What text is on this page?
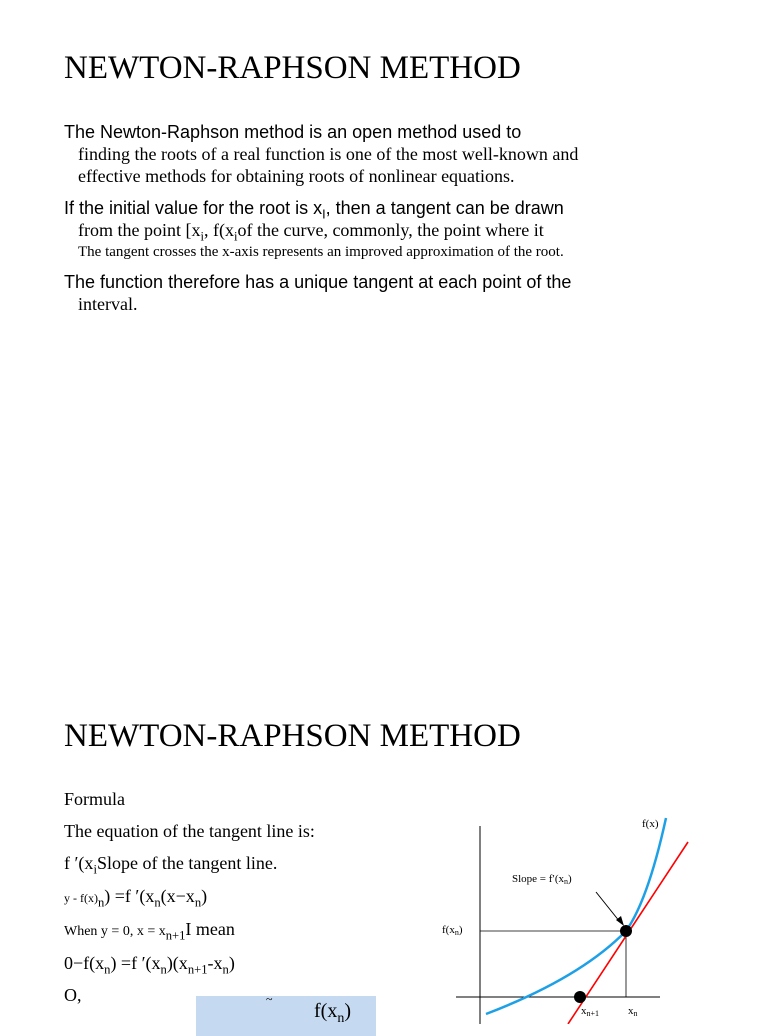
NEWTON-RAPHSON METHOD
The Newton-Raphson method is an open method used to
finding the roots of a real function is one of the most well-known and
effective methods for obtaining roots of nonlinear equations.
If the initial value for the root is $x_I$, then a tangent can be drawn
from the point [$x_i$, $f(x_iof$ the curve, commonly, the point where it
The tangent crosses the x-axis represents an improved approximation of the root.
The function therefore has a unique tangent at each point of the
interval.
NEWTON-RAPHSON METHOD
Formula
The equation of the tangent line is:
f $'(x_iSlope$ of the tangent line.
$y - f(x)_n) =f$ $'(x_n(x-x_n)$
When y = 0, $x = x_{n+1}I$ mean
$0-f(x_n) =f$ $'(x_n)(x_{n+1}-x_n)$
O,	~
$f(x_n)$
f(x)
Slope = f′(xn)
f(xn)
xn+1	xn
